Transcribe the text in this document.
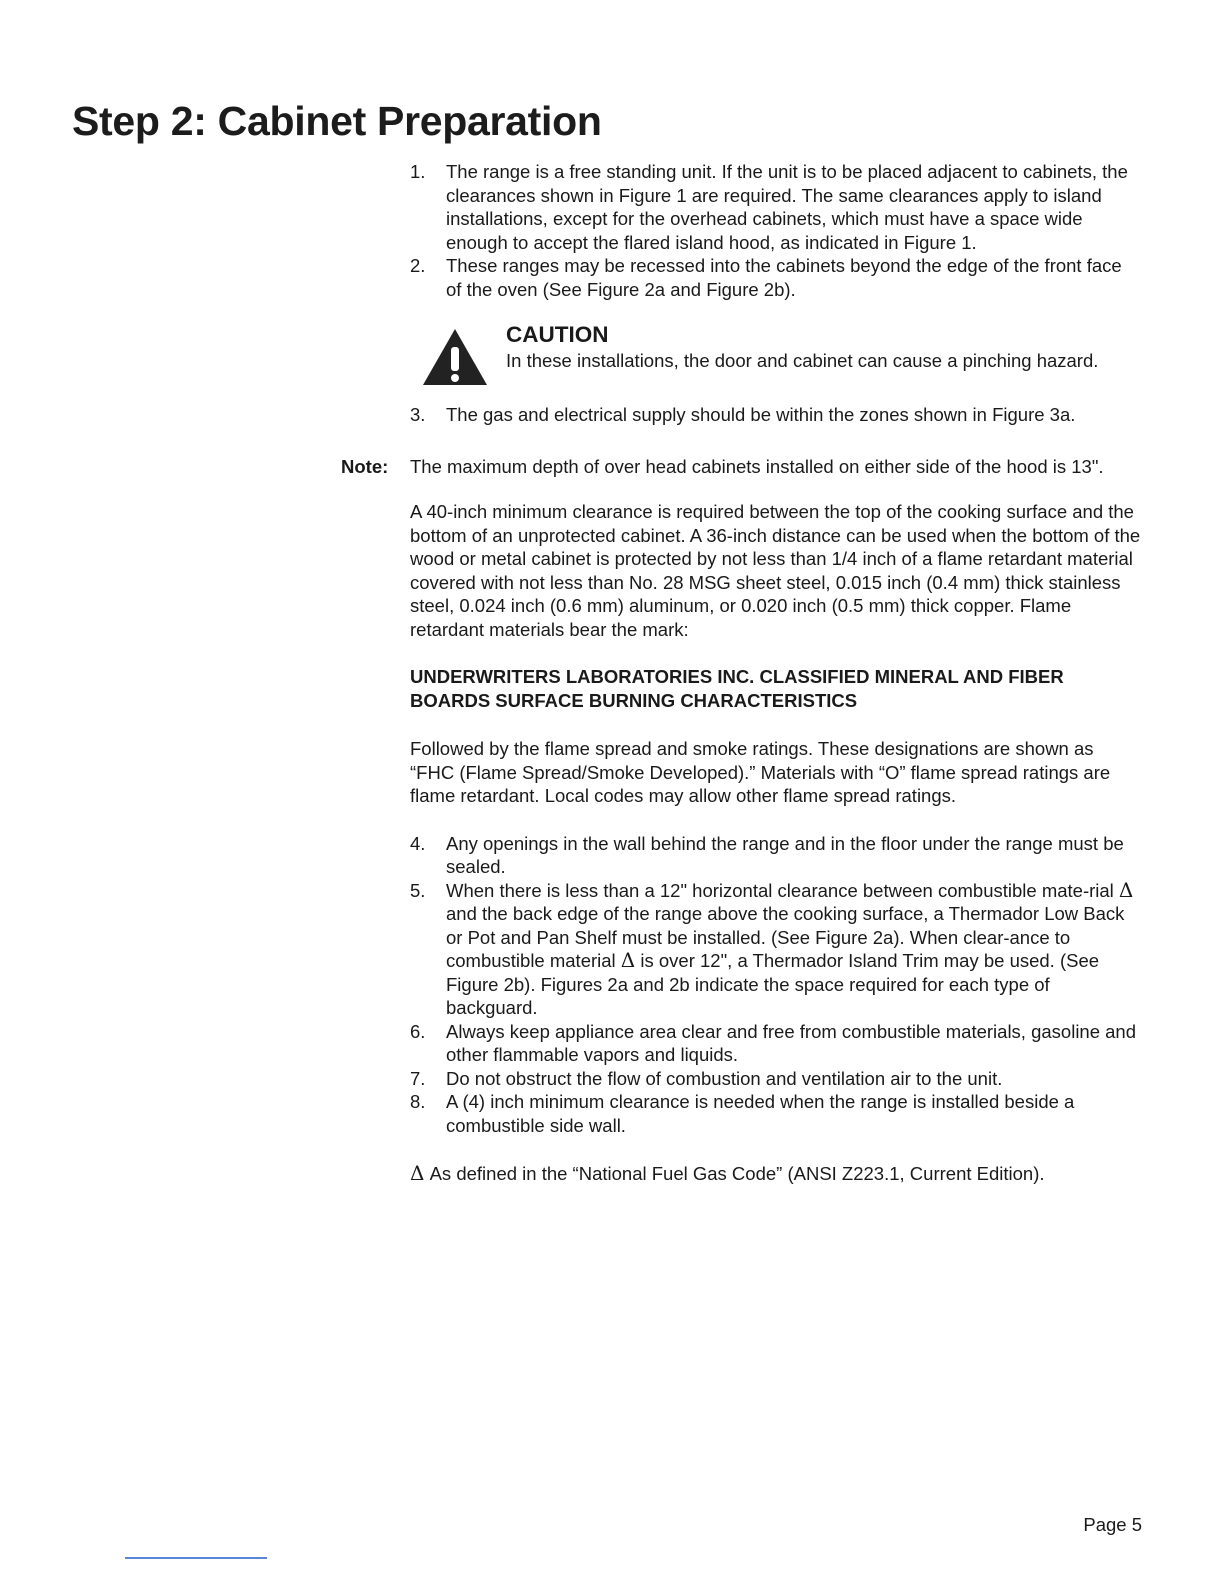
Step 2: Cabinet Preparation
1. The range is a free standing unit. If the unit is to be placed adjacent to cabinets, the clearances shown in Figure 1 are required. The same clearances apply to island installations, except for the overhead cabinets, which must have a space wide enough to accept the flared island hood, as indicated in Figure 1.
2. These ranges may be recessed into the cabinets beyond the edge of the front face of the oven (See Figure 2a and Figure 2b).
CAUTION
In these installations, the door and cabinet can cause a pinching hazard.
3. The gas and electrical supply should be within the zones shown in Figure 3a.
Note: The maximum depth of over head cabinets installed on either side of the hood is 13".

A 40-inch minimum clearance is required between the top of the cooking surface and the bottom of an unprotected cabinet. A 36-inch distance can be used when the bottom of the wood or metal cabinet is protected by not less than 1/4 inch of a flame retardant material covered with not less than No. 28 MSG sheet steel, 0.015 inch (0.4 mm) thick stainless steel, 0.024 inch (0.6 mm) aluminum, or 0.020 inch (0.5 mm) thick copper. Flame retardant materials bear the mark:

UNDERWRITERS LABORATORIES INC. CLASSIFIED MINERAL AND FIBER BOARDS SURFACE BURNING CHARACTERISTICS

Followed by the flame spread and smoke ratings. These designations are shown as “FHC (Flame Spread/Smoke Developed).” Materials with “O” flame spread ratings are flame retardant. Local codes may allow other flame spread ratings.

4. Any openings in the wall behind the range and in the floor under the range must be sealed.
5. When there is less than a 12" horizontal clearance between combustible mate-rial Δ and the back edge of the range above the cooking surface, a Thermador Low Back or Pot and Pan Shelf must be installed. (See Figure 2a). When clear-ance to combustible material Δ is over 12", a Thermador Island Trim may be used. (See Figure 2b). Figures 2a and 2b indicate the space required for each type of backguard.
6. Always keep appliance area clear and free from combustible materials, gasoline and other flammable vapors and liquids.
7. Do not obstruct the flow of combustion and ventilation air to the unit.
8. A (4) inch minimum clearance is needed when the range is installed beside a combustible side wall.
Δ As defined in the “National Fuel Gas Code” (ANSI Z223.1, Current Edition).
Page 5
